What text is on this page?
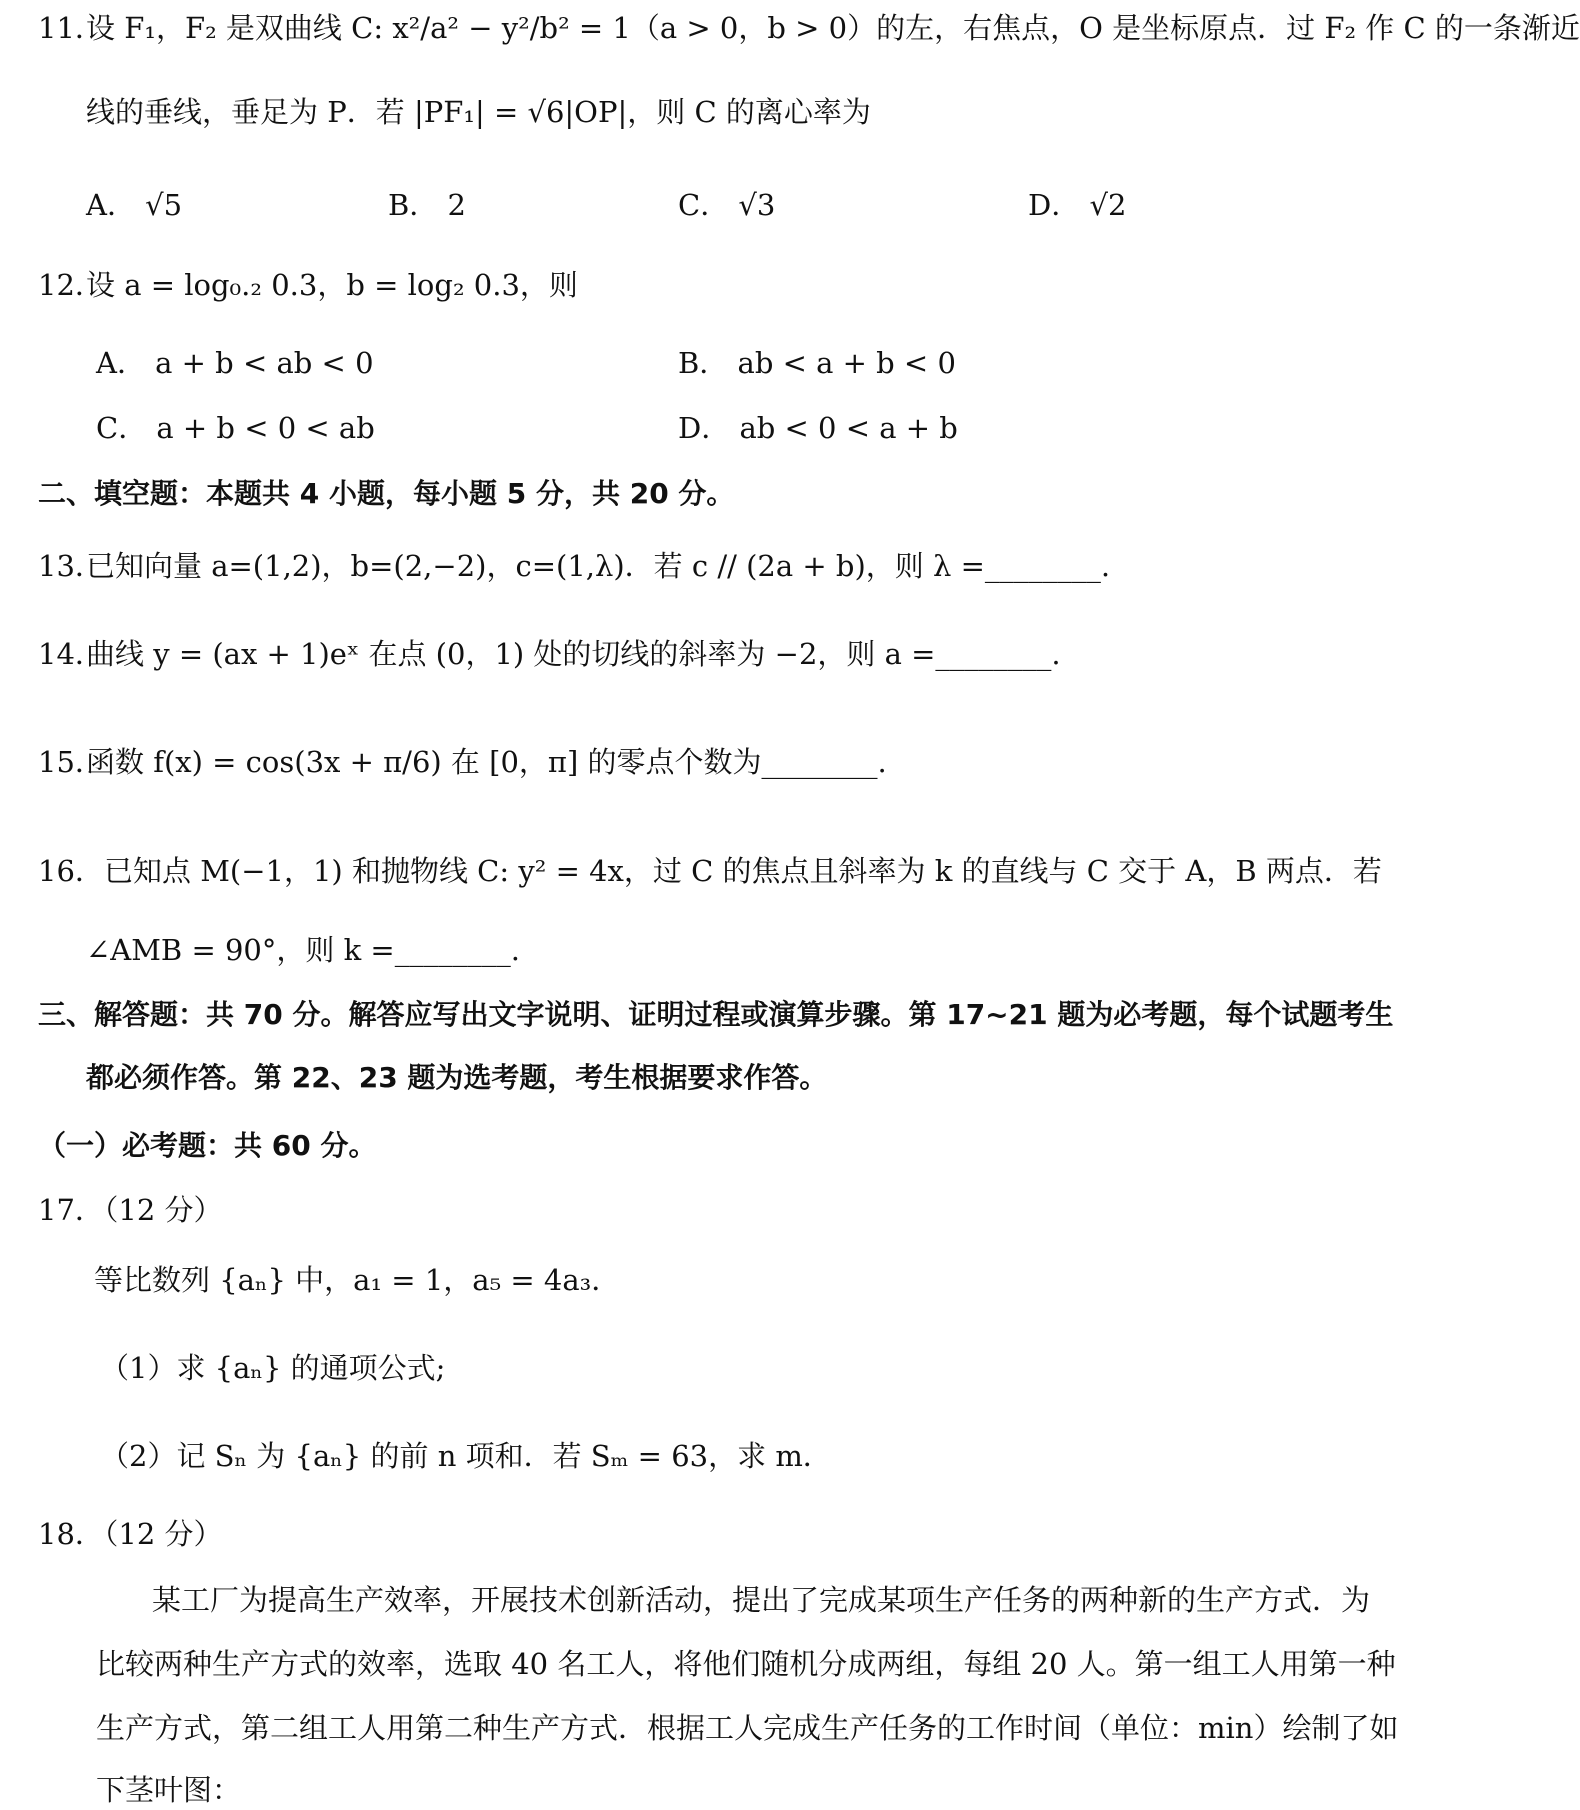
11．
设 F₁，F₂ 是双曲线 C: x²/a² − y²/b² = 1（a > 0，b > 0）的左，右焦点，O 是坐标原点．过 F₂ 作 C 的一条渐近
线的垂线，垂足为 P．若 |PF₁| = √6|OP|，则 C 的离心率为
A． √5	B． 2	C． √3	D． √2
12．
设 a = log₀.₂ 0.3，b = log₂ 0.3，则
A． a + b < ab < 0	B． ab < a + b < 0
C． a + b < 0 < ab	D． ab < 0 < a + b
二、填空题：本题共 4 小题，每小题 5 分，共 20 分。
13．
已知向量 a=(1,2)，b=(2,−2)，c=(1,λ)．若 c // (2a + b)，则 λ =________.
14．
曲线 y = (ax + 1)eˣ 在点 (0，1) 处的切线的斜率为 −2，则 a =________.
15．
函数 f(x) = cos(3x + π/6) 在 [0，π] 的零点个数为________.
16． 已知点 M(−1，1) 和抛物线 C: y² = 4x，过 C 的焦点且斜率为 k 的直线与 C 交于 A，B 两点．若
∠AMB = 90°，则 k =________.
三、解答题：共 70 分。解答应写出文字说明、证明过程或演算步骤。第 17~21 题为必考题，每个试题考生
都必须作答。第 22、23 题为选考题，考生根据要求作答。
（一）必考题：共 60 分。
17．（12 分）
等比数列 {aₙ} 中，a₁ = 1，a₅ = 4a₃．
（1）求 {aₙ} 的通项公式;
（2）记 Sₙ 为 {aₙ} 的前 n 项和．若 Sₘ = 63，求 m．
18．（12 分）
某工厂为提高生产效率，开展技术创新活动，提出了完成某项生产任务的两种新的生产方式．为
比较两种生产方式的效率，选取 40 名工人，将他们随机分成两组，每组 20 人。第一组工人用第一种
生产方式，第二组工人用第二种生产方式．根据工人完成生产任务的工作时间（单位：min）绘制了如
下茎叶图：
